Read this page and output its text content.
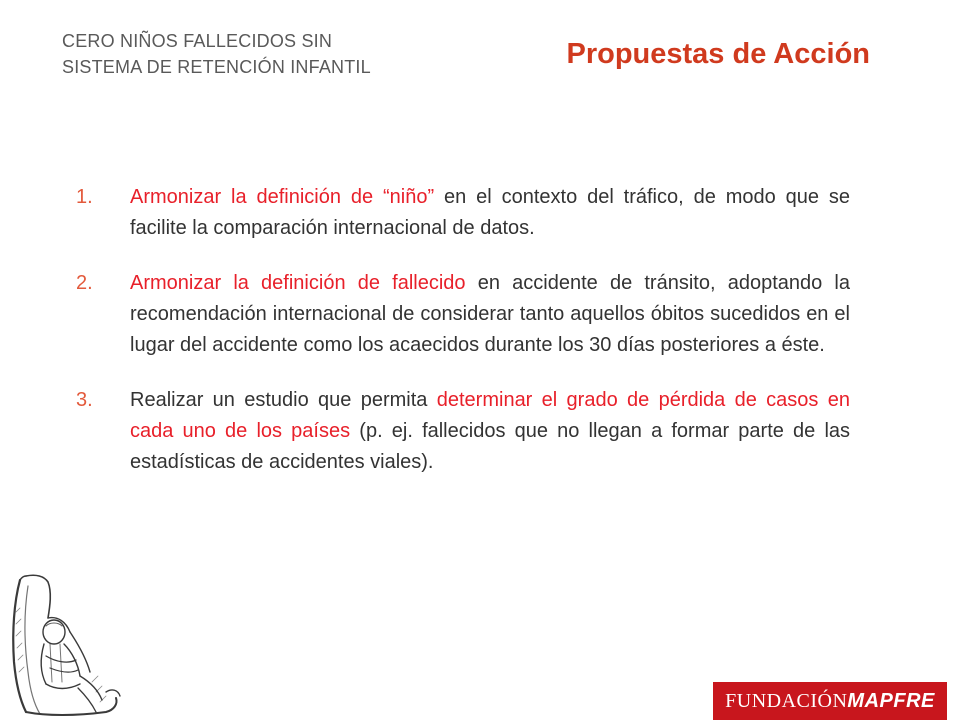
CERO NIÑOS FALLECIDOS SIN
SISTEMA DE RETENCIÓN INFANTIL	Propuestas de Acción
1. Armonizar la definición de “niño” en el contexto del tráfico, de modo que se facilite la comparación internacional de datos.
2. Armonizar la definición de fallecido en accidente de tránsito, adoptando la recomendación internacional de considerar tanto aquellos óbitos sucedidos en el lugar del accidente como los acaecidos durante los 30 días posteriores a éste.
3. Realizar un estudio que permita determinar el grado de pérdida de casos en cada uno de los países (p. ej. fallecidos que no llegan a formar parte de las estadísticas de accidentes viales).
FUNDACIÓN MAPFRE
